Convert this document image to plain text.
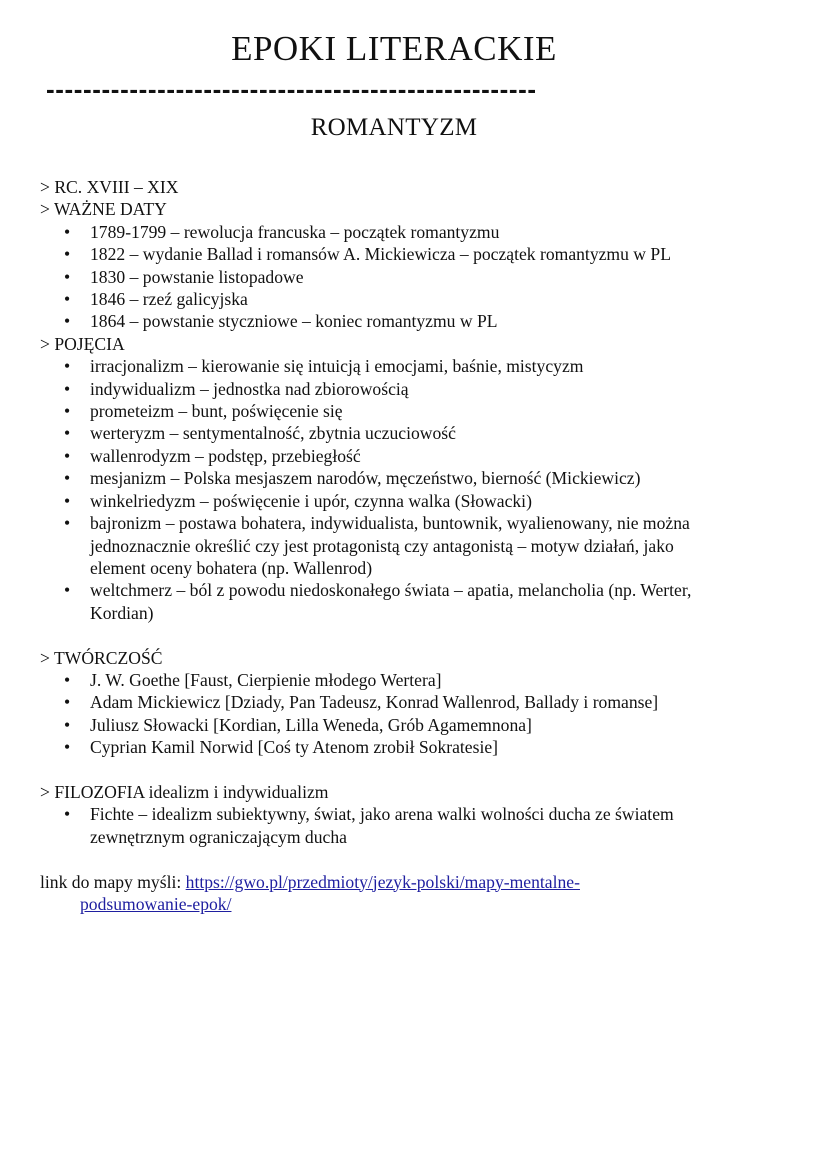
EPOKI LITERACKIE
-----------------------------------------------------
ROMANTYZM
> RC. XVIII – XIX
> WAŻNE DATY
• 1789-1799 – rewolucja francuska – początek romantyzmu
• 1822 – wydanie Ballad i romansów A. Mickiewicza – początek romantyzmu w PL
• 1830 – powstanie listopadowe
• 1846 – rzeź galicyjska
• 1864 – powstanie styczniowe – koniec romantyzmu w PL
> POJĘCIA
• irracjonalizm – kierowanie się intuicją i emocjami, baśnie, mistycyzm
• indywidualizm – jednostka nad zbiorowością
• prometeizm – bunt, poświęcenie się
• werteryzm – sentymentalność, zbytnia uczuciowość
• wallenrodyzm – podstęp, przebiegłość
• mesjanizm – Polska mesjaszem narodów, męczeństwo, bierność (Mickiewicz)
• winkelriedyzm – poświęcenie i upór, czynna walka (Słowacki)
• bajronizm – postawa bohatera, indywidualista, buntownik, wyalienowany, nie można jednoznacznie określić czy jest protagonistą czy antagonistą – motyw działań, jako element oceny bohatera (np. Wallenrod)
• weltchmerz – ból z powodu niedoskonałego świata – apatia, melancholia (np. Werter, Kordian)
> TWÓRCZOŚĆ
• J. W. Goethe [Faust, Cierpienie młodego Wertera]
• Adam Mickiewicz [Dziady, Pan Tadeusz, Konrad Wallenrod, Ballady i romanse]
• Juliusz Słowacki [Kordian, Lilla Weneda, Grób Agamemnona]
• Cyprian Kamil Norwid [Coś ty Atenom zrobił Sokratesie]
> FILOZOFIA idealizm i indywidualizm
• Fichte – idealizm subiektywny, świat, jako arena walki wolności ducha ze światem zewnętrznym ograniczającym ducha
link do mapy myśli: https://gwo.pl/przedmioty/jezyk-polski/mapy-mentalne-
podsumowanie-epok/
